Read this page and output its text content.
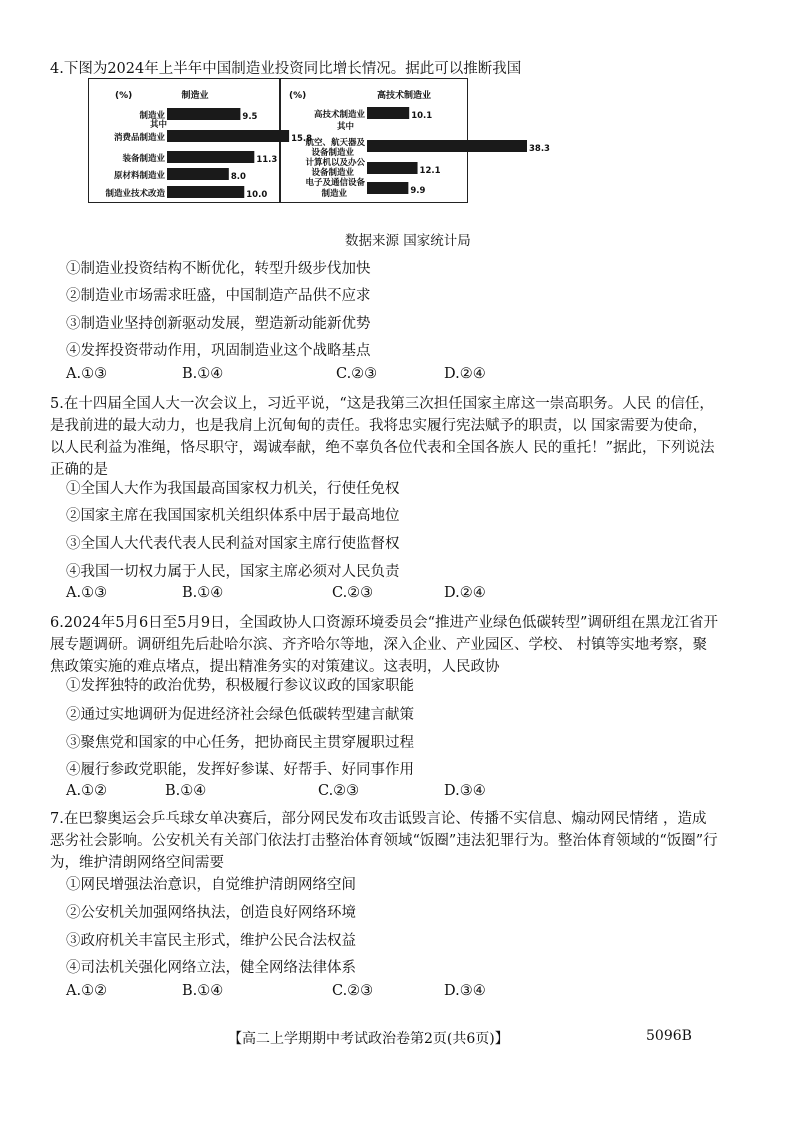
4.下图为2024年上半年中国制造业投资同比增长情况。据此可以推断我国
(%)	制造业
制造业	9.5
其中
消费品制造业	15.8
装备制造业	11.3
原材料制造业	8.0
制造业技术改造	10.0
(%)	高技术制造业
高技术制造业	10.1
其中
航空、航天器及
设备制造业	38.3
计算机以及办公
设备制造业	12.1
电子及通信设备
制造业	9.9
数据来源 国家统计局
①制造业投资结构不断优化，转型升级步伐加快
②制造业市场需求旺盛，中国制造产品供不应求
③制造业坚持创新驱动发展，塑造新动能新优势
④发挥投资带动作用，巩固制造业这个战略基点
A.①③	B.①④	C.②③	D.②④
5.在十四届全国人大一次会议上，习近平说，“这是我第三次担任国家主席这一崇高职务。人民 的信任，是我前进的最大动力，也是我肩上沉甸甸的责任。我将忠实履行宪法赋予的职责，以 国家需要为使命，以人民利益为准绳，恪尽职守，竭诚奉献，绝不辜负各位代表和全国各族人 民的重托！”据此，下列说法正确的是
①全国人大作为我国最高国家权力机关，行使任免权
②国家主席在我国国家机关组织体系中居于最高地位
③全国人大代表代表人民利益对国家主席行使监督权
④我国一切权力属于人民，国家主席必须对人民负责
A.①③	B.①④	C.②③	D.②④
6.2024年5月6日至5月9日，全国政协人口资源环境委员会“推进产业绿色低碳转型”调研组在黑龙江省开展专题调研。调研组先后赴哈尔滨、齐齐哈尔等地，深入企业、产业园区、学校、 村镇等实地考察，聚焦政策实施的难点堵点，提出精准务实的对策建议。这表明，人民政协
①发挥独特的政治优势，积极履行参议议政的国家职能
②通过实地调研为促进经济社会绿色低碳转型建言献策
③聚焦党和国家的中心任务，把协商民主贯穿履职过程
④履行参政党职能，发挥好参谋、好帮手、好同事作用
A.①②	B.①④	C.②③	D.③④
7.在巴黎奥运会乒乓球女单决赛后，部分网民发布攻击诋毁言论、传播不实信息、煽动网民情绪 ，造成恶劣社会影响。公安机关有关部门依法打击整治体育领域“饭圈”违法犯罪行为。整治体育领域的“饭圈”行为，维护清朗网络空间需要
①网民增强法治意识，自觉维护清朗网络空间
②公安机关加强网络执法，创造良好网络环境
③政府机关丰富民主形式，维护公民合法权益
④司法机关强化网络立法，健全网络法律体系
A.①②	B.①④	C.②③	D.③④
【高二上学期期中考试政治卷第2页(共6页)】	5096B
